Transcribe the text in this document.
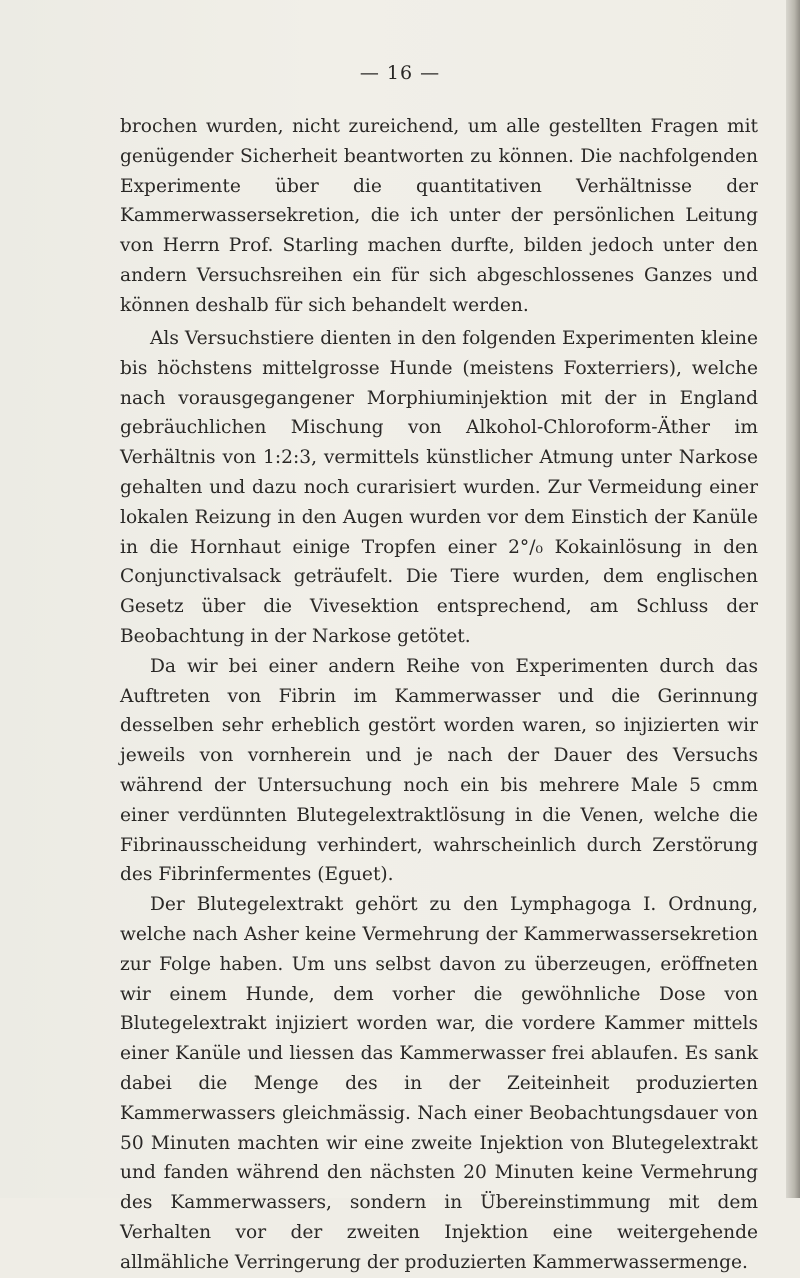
— 16 —

brochen wurden, nicht zureichend, um alle gestellten Fragen mit genügender Sicherheit beantworten zu können. Die nachfolgenden Experimente über die quantitativen Verhältnisse der Kammerwassersekretion, die ich unter der persönlichen Leitung von Herrn Prof. Starling machen durfte, bilden jedoch unter den andern Versuchsreihen ein für sich abgeschlossenes Ganzes und können deshalb für sich behandelt werden.

Als Versuchstiere dienten in den folgenden Experimenten kleine bis höchstens mittelgrosse Hunde (meistens Foxterriers), welche nach vorausgegangener Morphiuminjektion mit der in England gebräuchlichen Mischung von Alkohol-Chloroform-Äther im Verhältnis von 1:2:3, vermittels künstlicher Atmung unter Narkose gehalten und dazu noch curarisiert wurden. Zur Vermeidung einer lokalen Reizung in den Augen wurden vor dem Einstich der Kanüle in die Hornhaut einige Tropfen einer 2°/₀ Kokainlösung in den Conjunctivalsack geträufelt. Die Tiere wurden, dem englischen Gesetz über die Vivesektion entsprechend, am Schluss der Beobachtung in der Narkose getötet.

Da wir bei einer andern Reihe von Experimenten durch das Auftreten von Fibrin im Kammerwasser und die Gerinnung desselben sehr erheblich gestört worden waren, so injizierten wir jeweils von vornherein und je nach der Dauer des Versuchs während der Untersuchung noch ein bis mehrere Male 5 cmm einer verdünnten Blutegelextraktlösung in die Venen, welche die Fibrinausscheidung verhindert, wahrscheinlich durch Zerstörung des Fibrinfermentes (Eguet).

Der Blutegelextrakt gehört zu den Lymphagoga I. Ordnung, welche nach Asher keine Vermehrung der Kammerwassersekretion zur Folge haben. Um uns selbst davon zu überzeugen, eröffneten wir einem Hunde, dem vorher die gewöhnliche Dose von Blutegelextrakt injiziert worden war, die vordere Kammer mittels einer Kanüle und liessen das Kammerwasser frei ablaufen. Es sank dabei die Menge des in der Zeiteinheit produzierten Kammerwassers gleichmässig. Nach einer Beobachtungsdauer von 50 Minuten machten wir eine zweite Injektion von Blutegelextrakt und fanden während den nächsten 20 Minuten keine Vermehrung des Kammerwassers, sondern in Übereinstimmung mit dem Verhalten vor der zweiten Injektion eine weitergehende allmähliche Verringerung der produzierten Kammerwassermenge.
